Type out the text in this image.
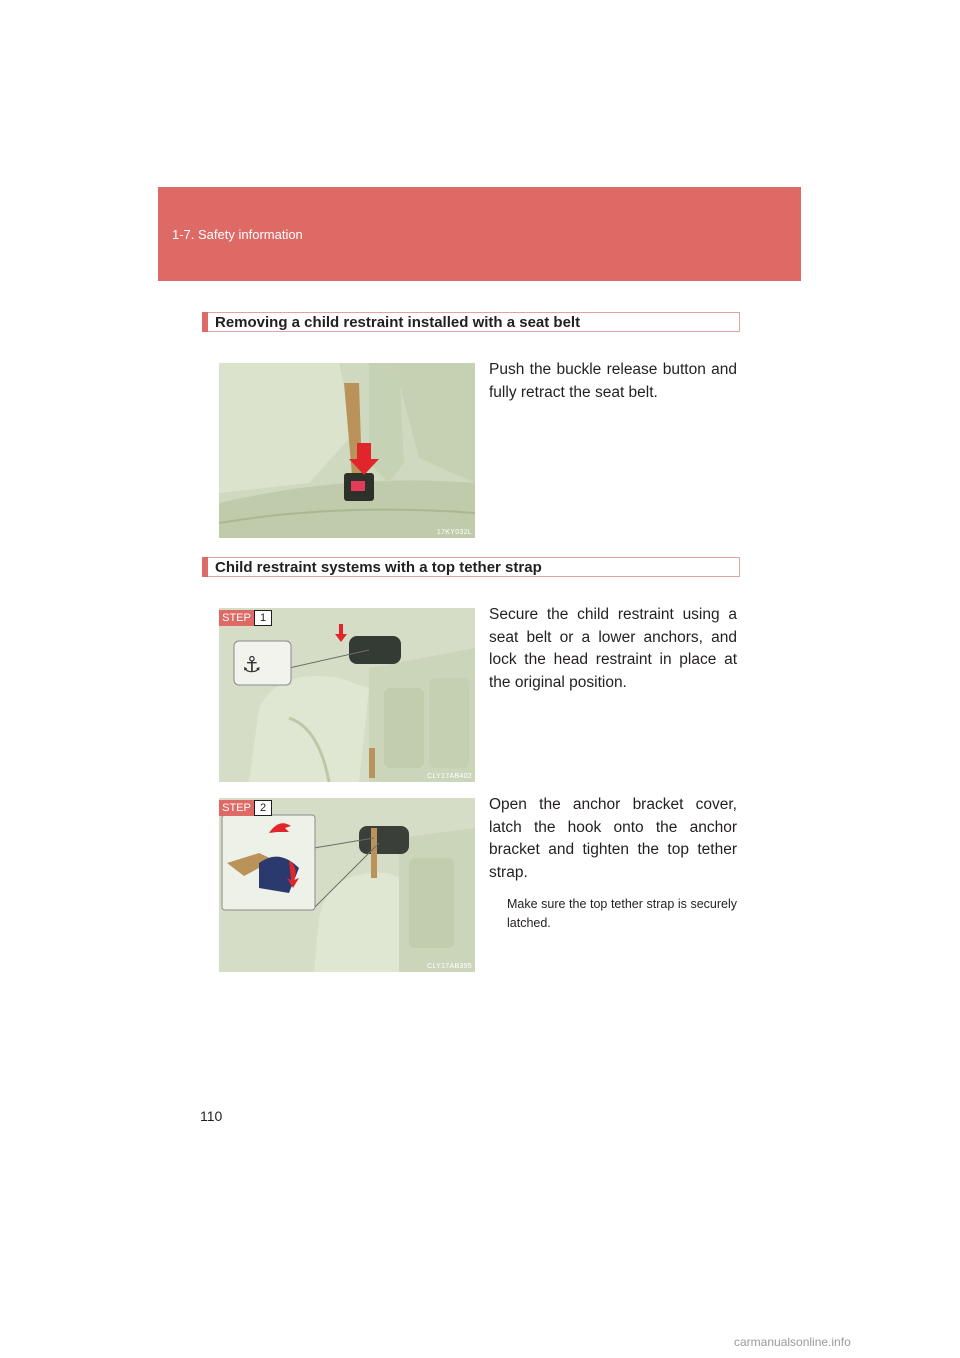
1-7. Safety information
Removing a child restraint installed with a seat belt
17KY032L
Push the buckle release button and fully retract the seat belt.
Child restraint systems with a top tether strap
⚓
CLY17AB402
STEP 1	Secure the child restraint using a seat belt or a lower anchors, and lock the head restraint in place at the original position.
CLY17AB395
STEP 2	Open the anchor bracket cover, latch the hook onto the anchor bracket and tighten the top tether strap.
Make sure the top tether strap is securely latched.
110
carmanualsonline.info
